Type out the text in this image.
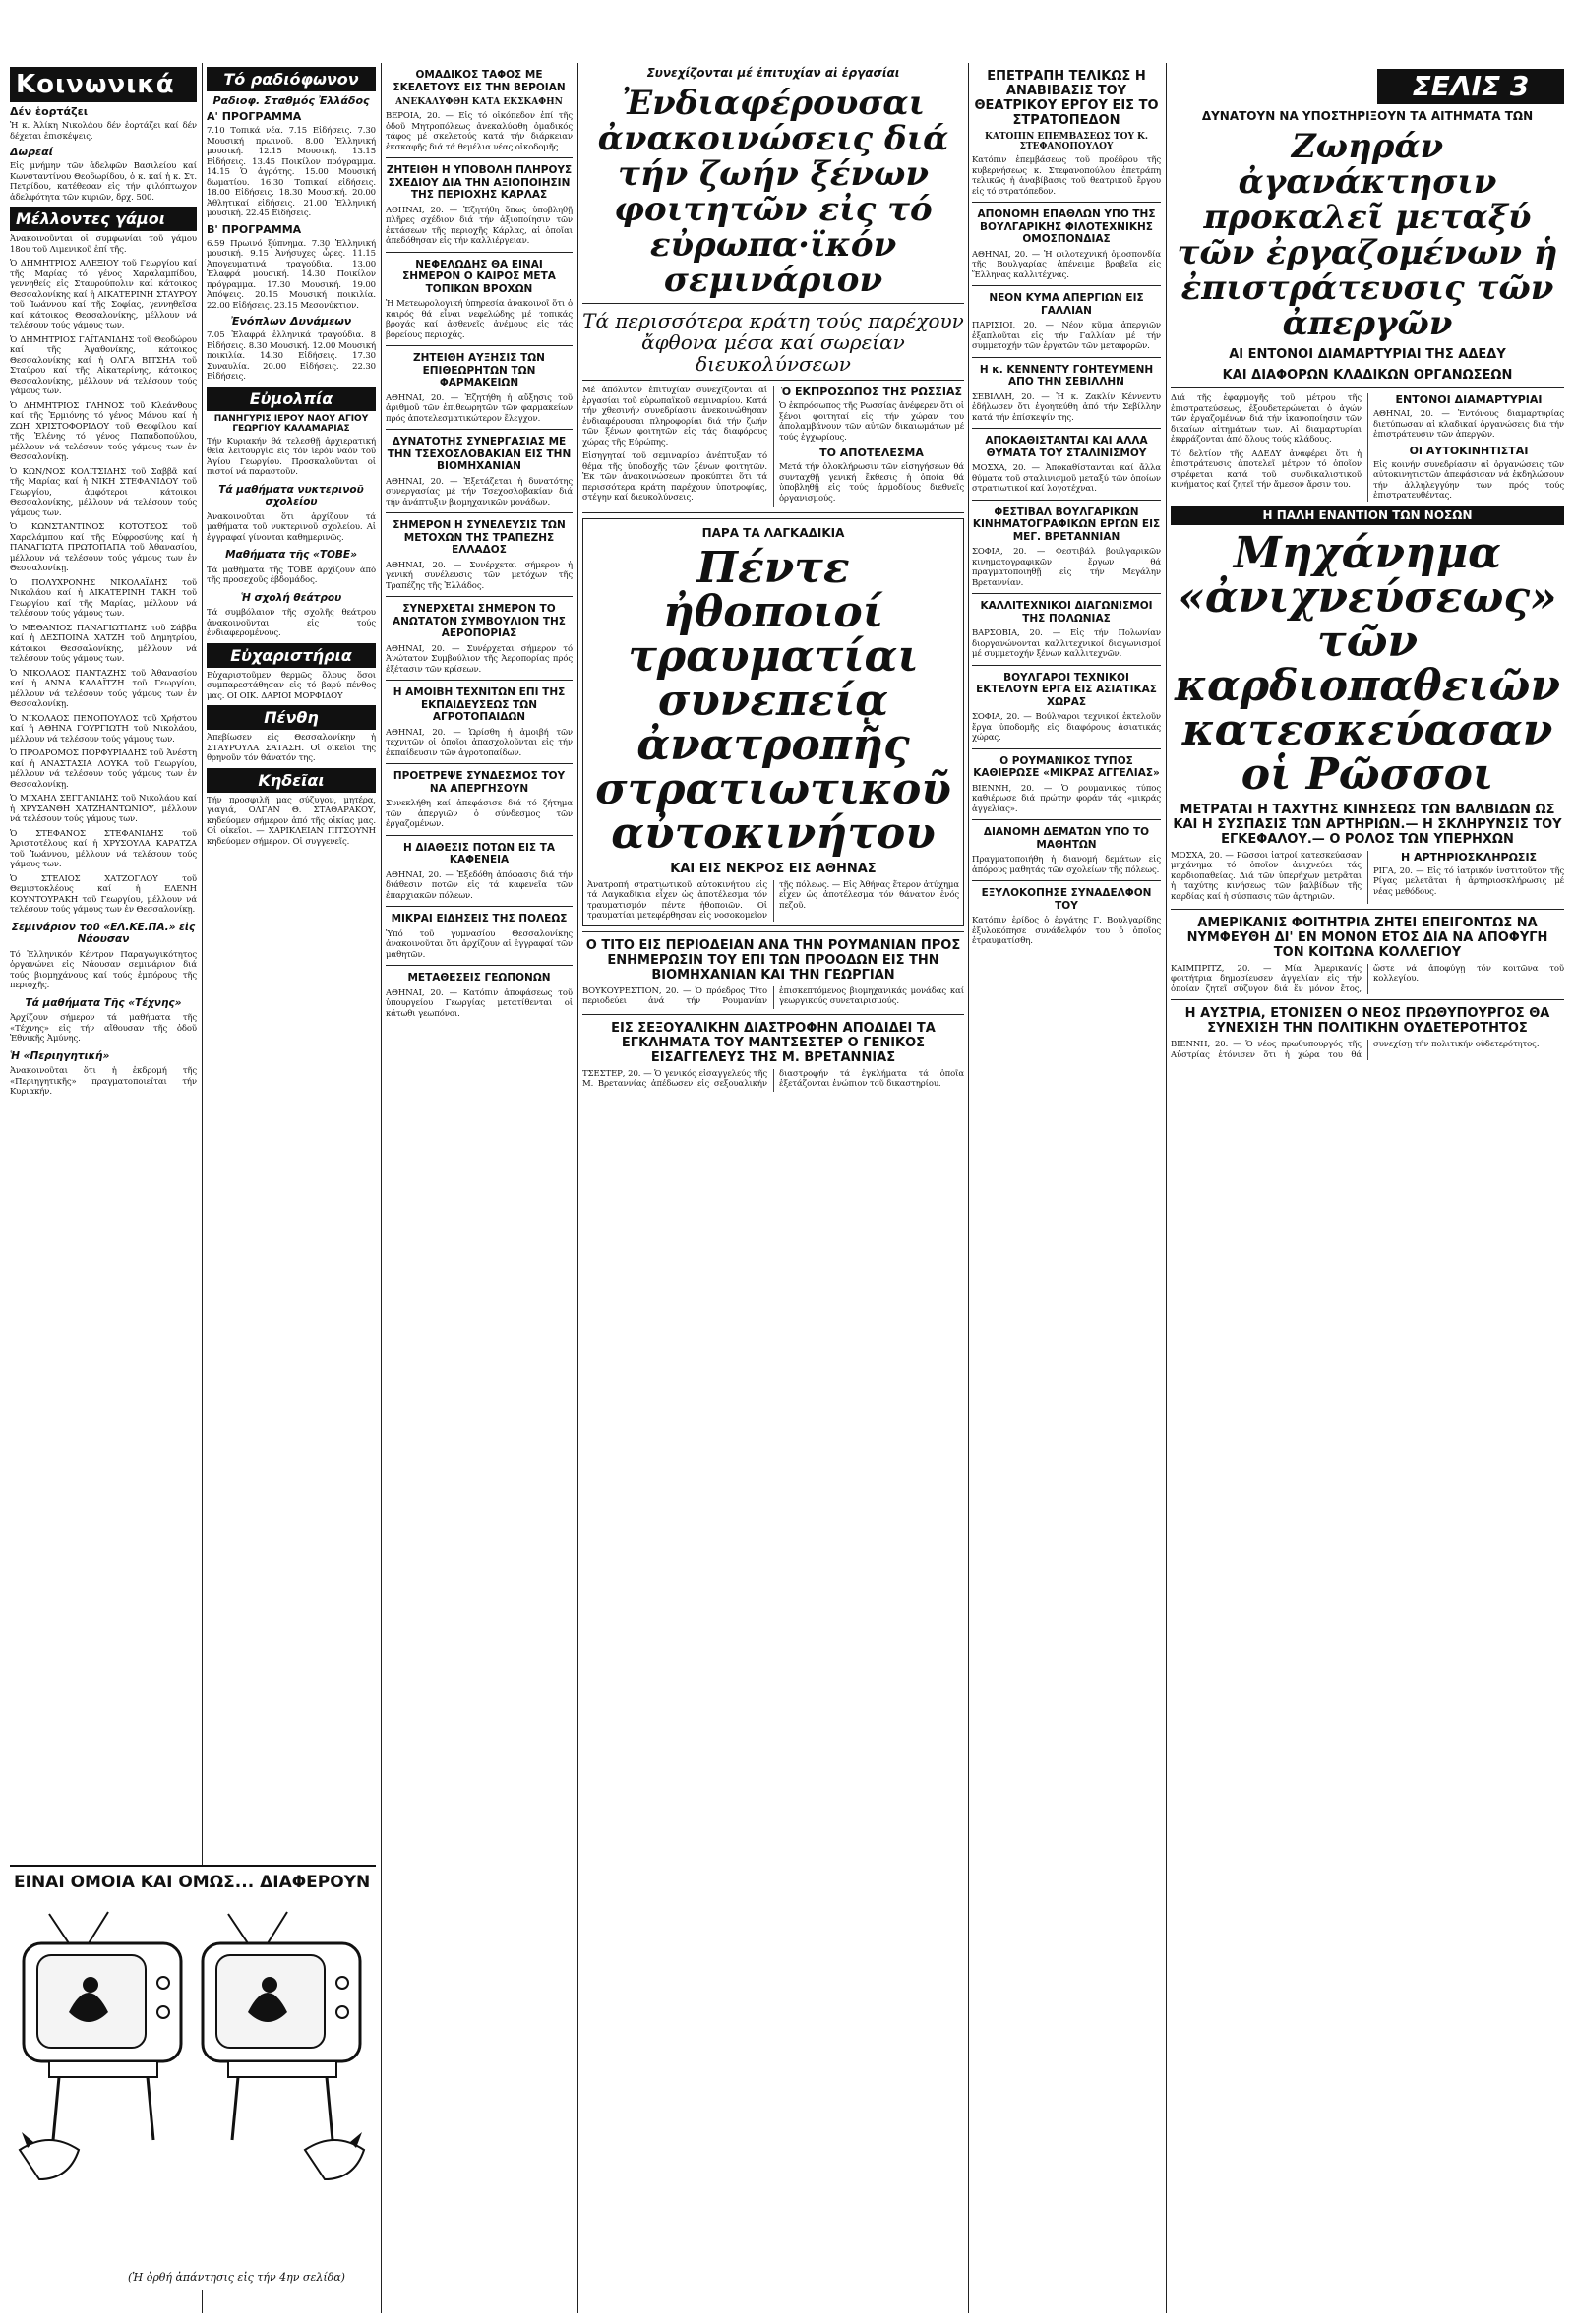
ΣΕΛΙΣ 3
Κοινωνικά
Δέν ἑορτάζει

Ἡ κ. Ἀλίκη Νικολάου δέν ἑορτάζει καί δέν δέχεται ἐπισκέψεις.

Δωρεαί

Εἰς μνήμην τῶν ἀδελφῶν Βασιλείου καί Κωνσταντίνου Θεοδωρίδου, ὁ κ. καί ἡ κ. Στ. Πετρίδου, κατέθεσαν εἰς τήν φιλόπτωχον ἀδελφότητα τῶν κυριῶν, δρχ. 500.

Μέλλοντες γάμοι

Ἀνακοινοῦνται οἱ συμφωνίαι τοῦ γάμου 18ου τοῦ Λιμενικοῦ ἐπί τῆς.

Ὁ ΔΗΜΗΤΡΙΟΣ ΑΛΕΞΙΟΥ τοῦ Γεωργίου καί τῆς Μαρίας τό γένος Χαραλαμπίδου, γεννηθείς εἰς Σταυρούπολιν καί κάτοικος Θεσσαλονίκης καί ἡ ΑΙΚΑΤΕΡΙΝΗ ΣΤΑΥΡΟΥ τοῦ Ἰωάννου καί τῆς Σοφίας, γεννηθεῖσα καί κάτοικος Θεσσαλονίκης, μέλλουν νά τελέσουν τούς γάμους των.

Ὁ ΔΗΜΗΤΡΙΟΣ ΓΑΪΤΑΝΙΔΗΣ τοῦ Θεοδώρου καί τῆς Ἀγαθονίκης, κάτοικος Θεσσαλονίκης καί ἡ ΟΛΓΑ ΒΙΤΣΗΑ τοῦ Σταύρου καί τῆς Αἰκατερίνης, κάτοικος Θεσσαλονίκης, μέλλουν νά τελέσουν τούς γάμους των.

Ὁ ΔΗΜΗΤΡΙΟΣ ΓΛΗΝΟΣ τοῦ Κλεάνθους καί τῆς Ἐρμιόνης τό γένος Μάνου καί ἡ ΖΩΗ ΧΡΙΣΤΟΦΟΡΙΔΟΥ τοῦ Θεοφίλου καί τῆς Ἑλένης τό γένος Παπαδοπούλου, μέλλουν νά τελέσουν τούς γάμους των ἐν Θεσσαλονίκῃ.

Ὁ ΚΩΝ/ΝΟΣ ΚΟΛΙΤΣΙΔΗΣ τοῦ Σαββᾶ καί τῆς Μαρίας καί ἡ ΝΙΚΗ ΣΤΕΦΑΝΙΔΟΥ τοῦ Γεωργίου, ἀμφότεροι κάτοικοι Θεσσαλονίκης, μέλλουν νά τελέσουν τούς γάμους των.

Ὁ ΚΩΝΣΤΑΝΤΙΝΟΣ ΚΟΤΟΤΣΟΣ τοῦ Χαραλάμπου καί τῆς Εὐφροσύνης καί ἡ ΠΑΝΑΓΙΩΤΑ ΠΡΩΤΟΠΑΠΑ τοῦ Ἀθανασίου, μέλλουν νά τελέσουν τούς γάμους των ἐν Θεσσαλονίκῃ.

Ὁ ΠΟΛΥΧΡΟΝΗΣ ΝΙΚΟΛΑΪΔΗΣ τοῦ Νικολάου καί ἡ ΑΙΚΑΤΕΡΙΝΗ ΤΑΚΗ τοῦ Γεωργίου καί τῆς Μαρίας, μέλλουν νά τελέσουν τούς γάμους των.

Ὁ ΜΕΘΑΝΙΟΣ ΠΑΝΑΓΙΩΤΙΔΗΣ τοῦ Σάββα καί ἡ ΔΕΣΠΟΙΝΑ ΧΑΤΖΗ τοῦ Δημητρίου, κάτοικοι Θεσσαλονίκης, μέλλουν νά τελέσουν τούς γάμους των.

Ὁ ΝΙΚΟΛΑΟΣ ΠΑΝΤΑΖΗΣ τοῦ Ἀθανασίου καί ἡ ΑΝΝΑ ΚΑΛΑΪΤΖΗ τοῦ Γεωργίου, μέλλουν νά τελέσουν τούς γάμους των ἐν Θεσσαλονίκῃ.

Ὁ ΝΙΚΟΛΑΟΣ ΠΕΝΟΠΟΥΛΟΣ τοῦ Χρήστου καί ἡ ΑΘΗΝΑ ΓΟΥΡΓΙΩΤΗ τοῦ Νικολάου, μέλλουν νά τελέσουν τούς γάμους των.

Ὁ ΠΡΟΔΡΟΜΟΣ ΠΟΡΦΥΡΙΑΔΗΣ τοῦ Ἀνέστη καί ἡ ΑΝΑΣΤΑΣΙΑ ΛΟΥΚΑ τοῦ Γεωργίου, μέλλουν νά τελέσουν τούς γάμους των ἐν Θεσσαλονίκῃ.

Ὁ ΜΙΧΑΗΛ ΣΕΓΓΑΝΙΔΗΣ τοῦ Νικολάου καί ἡ ΧΡΥΣΑΝΘΗ ΧΑΤΖΗΑΝΤΩΝΙΟΥ, μέλλουν νά τελέσουν τούς γάμους των.

Ὁ ΣΤΕΦΑΝΟΣ ΣΤΕΦΑΝΙΔΗΣ τοῦ Ἀριστοτέλους καί ἡ ΧΡΥΣΟΥΛΑ ΚΑΡΑΤΖΑ τοῦ Ἰωάννου, μέλλουν νά τελέσουν τούς γάμους των.

Ὁ ΣΤΕΛΙΟΣ ΧΑΤΖΟΓΛΟΥ τοῦ Θεμιστοκλέους καί ἡ ΕΛΕΝΗ ΚΟΥΝΤΟΥΡΑΚΗ τοῦ Γεωργίου, μέλλουν νά τελέσουν τούς γάμους των ἐν Θεσσαλονίκῃ.

Σεμινάριον τοῦ «ΕΛ.ΚΕ.ΠΑ.» εἰς Νάουσαν

Τό Ἑλληνικόν Κέντρον Παραγωγικότητος ὀργανώνει εἰς Νάουσαν σεμινάριον διά τούς βιομηχάνους καί τούς ἐμπόρους τῆς περιοχῆς.

Τά μαθήματα Τῆς «Τέχνης»

Ἀρχίζουν σήμερον τά μαθήματα τῆς «Τέχνης» εἰς τήν αἴθουσαν τῆς ὁδοῦ Ἐθνικῆς Ἀμύνης.

Ἡ «Περιηγητική»

Ἀνακοινοῦται ὅτι ἡ ἐκδρομή τῆς «Περιηγητικῆς» πραγματοποιεῖται τήν Κυριακήν.

Τό ραδιόφωνον
Ραδιοφ. Σταθμός Ἐλλάδος
Α' ΠΡΟΓΡΑΜΜΑ

7.10 Τοπικά νέα. 7.15 Εἰδήσεις. 7.30 Μουσική πρωινοῦ. 8.00 Ἑλληνική μουσική. 12.15 Μουσική. 13.15 Εἰδήσεις. 13.45 Ποικίλον πρόγραμμα. 14.15 Ὁ ἀγρότης. 15.00 Μουσική δωματίου. 16.30 Τοπικαί εἰδήσεις. 18.00 Εἰδήσεις. 18.30 Μουσική. 20.00 Ἀθλητικαί εἰδήσεις. 21.00 Ἑλληνική μουσική. 22.45 Εἰδήσεις.

Β' ΠΡΟΓΡΑΜΜΑ

6.59 Πρωινό ξύπνημα. 7.30 Ἑλληνική μουσική. 9.15 Ἀνήσυχες ὧρες. 11.15 Ἀπογευματινά τραγούδια. 13.00 Ἐλαφρά μουσική. 14.30 Ποικίλον πρόγραμμα. 17.30 Μουσική. 19.00 Ἀπόψεις. 20.15 Μουσική ποικιλία. 22.00 Εἰδήσεις. 23.15 Μεσονύκτιον.

Ἐνόπλων Δυνάμεων

7.05 Ἑλαφρά ἑλληνικά τραγούδια. 8 Εἰδήσεις. 8.30 Μουσική. 12.00 Μουσική ποικιλία. 14.30 Εἰδήσεις. 17.30 Συναυλία. 20.00 Εἰδήσεις. 22.30 Εἰδήσεις.

Εὐμολπία
ΠΑΝΗΓΥΡΙΣ ΙΕΡΟΥ ΝΑΟΥ ΑΓΙΟΥ ΓΕΩΡΓΙΟΥ ΚΑΛΑΜΑΡΙΑΣ

Τήν Κυριακήν θά τελεσθῇ ἀρχιερατική θεία λειτουργία εἰς τόν ἱερόν ναόν τοῦ Ἁγίου Γεωργίου. Προσκαλοῦνται οἱ πιστοί νά παραστοῦν.

Τά μαθήματα νυκτερινοῦ σχολείου

Ἀνακοινοῦται ὅτι ἀρχίζουν τά μαθήματα τοῦ νυκτερινοῦ σχολείου. Αἱ ἐγγραφαί γίνονται καθημερινῶς.

Μαθήματα τῆς «ΤΟΒΕ»

Τά μαθήματα τῆς ΤΟΒΕ ἀρχίζουν ἀπό τῆς προσεχοῦς ἑβδομάδος.

Ἡ σχολή θεάτρου

Τά συμβόλαιον τῆς σχολῆς θεάτρου ἀνακοινοῦνται εἰς τούς ἐνδιαφερομένους.

Εὐχαριστήρια

Εὐχαριστοῦμεν θερμῶς ὅλους ὅσοι συμπαρεστάθησαν εἰς τό βαρύ πένθος μας. ΟΙ ΟΙΚ. ΔΑΡΙΟΙ ΜΟΡΦΙΔΟΥ

Πένθη

Ἀπεβίωσεν εἰς Θεσσαλονίκην ἡ ΣΤΑΥΡΟΥΛΑ ΣΑΤΑΣΗ. Οἱ οἰκεῖοι της θρηνοῦν τόν θάνατόν της.

Κηδεῖαι

Τήν προσφιλῆ μας σύζυγον, μητέρα, γιαγιά, ΟΛΓΑΝ Θ. ΣΤΑΘΑΡΑΚΟΥ, κηδεύομεν σήμερον ἀπό τῆς οἰκίας μας. Οἱ οἰκεῖοι. — ΧΑΡΙΚΛΕΙΑΝ ΠΙΤΣΟΥΝΗ κηδεύομεν σήμερον. Οἱ συγγενεῖς.

ΟΜΑΔΙΚΟΣ ΤΑΦΟΣ ΜΕ ΣΚΕΛΕΤΟΥΣ ΕΙΣ ΤΗΝ ΒΕΡΟΙΑΝ
ΑΝΕΚΑΛΥΦΘΗ ΚΑΤΑ ΕΚΣΚΑΦΗΝ

ΒΕΡΟΙΑ, 20. — Εἰς τό οἰκόπεδον ἐπί τῆς ὁδοῦ Μητροπόλεως ἀνεκαλύφθη ὁμαδικός τάφος μέ σκελετούς κατά τήν διάρκειαν ἐκσκαφῆς διά τά θεμέλια νέας οἰκοδομῆς.

ΖΗΤΕΙΘΗ Η ΥΠΟΒΟΛΗ ΠΛΗΡΟΥΣ ΣΧΕΔΙΟΥ ΔΙΑ ΤΗΝ ΑΞΙΟΠΟΙΗΣΙΝ ΤΗΣ ΠΕΡΙΟΧΗΣ ΚΑΡΛΑΣ

ΑΘΗΝΑΙ, 20. — Ἐζητήθη ὅπως ὑποβληθῇ πλῆρες σχέδιον διά τήν ἀξιοποίησιν τῶν ἐκτάσεων τῆς περιοχῆς Κάρλας, αἱ ὁποῖαι ἀπεδόθησαν εἰς τήν καλλιέργειαν.

ΝΕΦΕΛΩΔΗΣ ΘΑ ΕΙΝΑΙ ΣΗΜΕΡΟΝ Ο ΚΑΙΡΟΣ ΜΕΤΑ ΤΟΠΙΚΩΝ ΒΡΟΧΩΝ

Ἡ Μετεωρολογική ὑπηρεσία ἀνακοινοῖ ὅτι ὁ καιρός θά εἶναι νεφελώδης μέ τοπικάς βροχάς καί ἀσθενεῖς ἀνέμους εἰς τάς βορείους περιοχάς.

ΖΗΤΕΙΘΗ ΑΥΞΗΣΙΣ ΤΩΝ ΕΠΙΘΕΩΡΗΤΩΝ ΤΩΝ ΦΑΡΜΑΚΕΙΩΝ

ΑΘΗΝΑΙ, 20. — Ἐζητήθη ἡ αὔξησις τοῦ ἀριθμοῦ τῶν ἐπιθεωρητῶν τῶν φαρμακείων πρός ἀποτελεσματικώτερον ἔλεγχον.

ΔΥΝΑΤΟΤΗΣ ΣΥΝΕΡΓΑΣΙΑΣ ΜΕ ΤΗΝ ΤΣΕΧΟΣΛΟΒΑΚΙΑΝ ΕΙΣ ΤΗΝ ΒΙΟΜΗΧΑΝΙΑΝ

ΑΘΗΝΑΙ, 20. — Ἐξετάζεται ἡ δυνατότης συνεργασίας μέ τήν Τσεχοσλοβακίαν διά τήν ἀνάπτυξιν βιομηχανικῶν μονάδων.

ΣΗΜΕΡΟΝ Η ΣΥΝΕΛΕΥΣΙΣ ΤΩΝ ΜΕΤΟΧΩΝ ΤΗΣ ΤΡΑΠΕΖΗΣ ΕΛΛΑΔΟΣ

ΑΘΗΝΑΙ, 20. — Συνέρχεται σήμερον ἡ γενική συνέλευσις τῶν μετόχων τῆς Τραπέζης τῆς Ἑλλάδος.

ΣΥΝΕΡΧΕΤΑΙ ΣΗΜΕΡΟΝ ΤΟ ΑΝΩΤΑΤΟΝ ΣΥΜΒΟΥΛΙΟΝ ΤΗΣ ΑΕΡΟΠΟΡΙΑΣ

ΑΘΗΝΑΙ, 20. — Συνέρχεται σήμερον τό Ἀνώτατον Συμβούλιον τῆς Ἀεροπορίας πρός ἐξέτασιν τῶν κρίσεων.

Η ΑΜΟΙΒΗ ΤΕΧΝΙΤΩΝ ΕΠΙ ΤΗΣ ΕΚΠΑΙΔΕΥΣΕΩΣ ΤΩΝ ΑΓΡΟΤΟΠΑΙΔΩΝ

ΑΘΗΝΑΙ, 20. — Ὡρίσθη ἡ ἀμοιβή τῶν τεχνιτῶν οἱ ὁποῖοι ἀπασχολοῦνται εἰς τήν ἐκπαίδευσιν τῶν ἀγροτοπαίδων.

ΠΡΟΕΤΡΕΨΕ ΣΥΝΔΕΣΜΟΣ ΤΟΥ ΝΑ ΑΠΕΡΓΗΣΟΥΝ

Συνεκλήθη καί ἀπεφάσισε διά τό ζήτημα τῶν ἀπεργιῶν ὁ σύνδεσμος τῶν ἐργαζομένων.

Η ΔΙΑΘΕΣΙΣ ΠΟΤΩΝ ΕΙΣ ΤΑ ΚΑΦΕΝΕΙΑ

ΑΘΗΝΑΙ, 20. — Ἐξεδόθη ἀπόφασις διά τήν διάθεσιν ποτῶν εἰς τά καφενεῖα τῶν ἐπαρχιακῶν πόλεων.

ΜΙΚΡΑΙ ΕΙΔΗΣΕΙΣ ΤΗΣ ΠΟΛΕΩΣ

Ὑπό τοῦ γυμνασίου Θεσσαλονίκης ἀνακοινοῦται ὅτι ἀρχίζουν αἱ ἐγγραφαί τῶν μαθητῶν.

ΜΕΤΑΘΕΣΕΙΣ ΓΕΩΠΟΝΩΝ

ΑΘΗΝΑΙ, 20. — Κατόπιν ἀποφάσεως τοῦ ὑπουργείου Γεωργίας μετατίθενται οἱ κάτωθι γεωπόνοι.

Συνεχίζονται μέ ἐπιτυχίαν αἱ ἐργασίαι
Ἐνδιαφέρουσαι ἀνακοινώσεις διά τήν ζωήν ξένων φοιτητῶν εἰς τό εὐρωπα·ϊκόν σεμινάριον
Τά περισσότερα κράτη τούς παρέχουν ἄφθονα μέσα καί σωρείαν διευκολύνσεων

Μέ ἀπόλυτον ἐπιτυχίαν συνεχίζονται αἱ ἐργασίαι τοῦ εὐρωπαϊκοῦ σεμιναρίου. Κατά τήν χθεσινήν συνεδρίασιν ἀνεκοινώθησαν ἐνδιαφέρουσαι πληροφορίαι διά τήν ζωήν τῶν ξένων φοιτητῶν εἰς τάς διαφόρους χώρας τῆς Εὐρώπης.

Εἰσηγηταί τοῦ σεμιναρίου ἀνέπτυξαν τό θέμα τῆς ὑποδοχῆς τῶν ξένων φοιτητῶν. Ἐκ τῶν ἀνακοινώσεων προκύπτει ὅτι τά περισσότερα κράτη παρέχουν ὑποτροφίας, στέγην καί διευκολύνσεις.

Ὁ ΕΚΠΡΟΣΩΠΟΣ ΤΗΣ ΡΩΣΣΙΑΣ

Ὁ ἐκπρόσωπος τῆς Ρωσσίας ἀνέφερεν ὅτι οἱ ξένοι φοιτηταί εἰς τήν χώραν του ἀπολαμβάνουν τῶν αὐτῶν δικαιωμάτων μέ τούς ἐγχωρίους.

ΤΟ ΑΠΟΤΕΛΕΣΜΑ

Μετά τήν ὁλοκλήρωσιν τῶν εἰσηγήσεων θά συνταχθῇ γενική ἔκθεσις ἡ ὁποία θά ὑποβληθῇ εἰς τούς ἁρμοδίους διεθνεῖς ὀργανισμούς.

ΠΑΡΑ ΤΑ ΛΑΓΚΑΔΙΚΙΑ
Πέντε ἠθοποιοί τραυματίαι συνεπείᾳ ἀνατροπῆς στρατιωτικοῦ αὐτοκινήτου
ΚΑΙ ΕΙΣ ΝΕΚΡΟΣ ΕΙΣ ΑΘΗΝΑΣ

Ἀνατροπή στρατιωτικοῦ αὐτοκινήτου εἰς τά Λαγκαδίκια εἶχεν ὡς ἀποτέλεσμα τόν τραυματισμόν πέντε ἠθοποιῶν. Οἱ τραυματίαι μετεφέρθησαν εἰς νοσοκομεῖον τῆς πόλεως. — Εἰς Ἀθήνας ἕτερον ἀτύχημα εἶχεν ὡς ἀποτέλεσμα τόν θάνατον ἑνός πεζοῦ.

Ο ΤΙΤΟ ΕΙΣ ΠΕΡΙΟΔΕΙΑΝ ΑΝΑ ΤΗΝ ΡΟΥΜΑΝΙΑΝ ΠΡΟΣ ΕΝΗΜΕΡΩΣΙΝ ΤΟΥ ΕΠΙ ΤΩΝ ΠΡΟΟΔΩΝ ΕΙΣ ΤΗΝ ΒΙΟΜΗΧΑΝΙΑΝ ΚΑΙ ΤΗΝ ΓΕΩΡΓΙΑΝ

ΒΟΥΚΟΥΡΕΣΤΙΟΝ, 20. — Ὁ πρόεδρος Τίτο περιοδεύει ἀνά τήν Ρουμανίαν ἐπισκεπτόμενος βιομηχανικάς μονάδας καί γεωργικούς συνεταιρισμούς.

ΕΙΣ ΣΕΞΟΥΑΛΙΚΗΝ ΔΙΑΣΤΡΟΦΗΝ ΑΠΟΔΙΔΕΙ ΤΑ ΕΓΚΛΗΜΑΤΑ ΤΟΥ ΜΑΝΤΣΕΣΤΕΡ Ο ΓΕΝΙΚΟΣ ΕΙΣΑΓΓΕΛΕΥΣ ΤΗΣ Μ. ΒΡΕΤΑΝΝΙΑΣ

ΤΣΕΣΤΕΡ, 20. — Ὁ γενικός εἰσαγγελεύς τῆς Μ. Βρεταννίας ἀπέδωσεν εἰς σεξουαλικήν διαστροφήν τά ἐγκλήματα τά ὁποῖα ἐξετάζονται ἐνώπιον τοῦ δικαστηρίου.

ΕΠΕΤΡΑΠΗ ΤΕΛΙΚΩΣ Η ΑΝΑΒΙΒΑΣΙΣ ΤΟΥ ΘΕΑΤΡΙΚΟΥ ΕΡΓΟΥ ΕΙΣ ΤΟ ΣΤΡΑΤΟΠΕΔΟΝ
ΚΑΤΟΠΙΝ ΕΠΕΜΒΑΣΕΩΣ ΤΟΥ Κ. ΣΤΕΦΑΝΟΠΟΥΛΟΥ

Κατόπιν ἐπεμβάσεως τοῦ προέδρου τῆς κυβερνήσεως κ. Στεφανοπούλου ἐπετράπη τελικῶς ἡ ἀναβίβασις τοῦ θεατρικοῦ ἔργου εἰς τό στρατόπεδον.

ΑΠΟΝΟΜΗ ΕΠΑΘΛΩΝ ΥΠΟ ΤΗΣ ΒΟΥΛΓΑΡΙΚΗΣ ΦΙΛΟΤΕΧΝΙΚΗΣ ΟΜΟΣΠΟΝΔΙΑΣ

ΑΘΗΝΑΙ, 20. — Ἡ φιλοτεχνική ὁμοσπονδία τῆς Βουλγαρίας ἀπένειμε βραβεῖα εἰς Ἕλληνας καλλιτέχνας.

ΝΕΟΝ ΚΥΜΑ ΑΠΕΡΓΙΩΝ ΕΙΣ ΓΑΛΛΙΑΝ

ΠΑΡΙΣΙΟΙ, 20. — Νέον κῦμα ἀπεργιῶν ἐξαπλοῦται εἰς τήν Γαλλίαν μέ τήν συμμετοχήν τῶν ἐργατῶν τῶν μεταφορῶν.

Η κ. ΚΕΝΝΕΝΤΥ ΓΟΗΤΕΥΜΕΝΗ ΑΠΟ ΤΗΝ ΣΕΒΙΛΛΗΝ

ΣΕΒΙΛΛΗ, 20. — Ἡ κ. Ζακλίν Κέννεντυ ἐδήλωσεν ὅτι ἐγοητεύθη ἀπό τήν Σεβίλλην κατά τήν ἐπίσκεψίν της.

ΑΠΟΚΑΘΙΣΤΑΝΤΑΙ ΚΑΙ ΑΛΛΑ ΘΥΜΑΤΑ ΤΟΥ ΣΤΑΛΙΝΙΣΜΟΥ

ΜΟΣΧΑ, 20. — Ἀποκαθίστανται καί ἄλλα θύματα τοῦ σταλινισμοῦ μεταξύ τῶν ὁποίων στρατιωτικοί καί λογοτέχναι.

ΦΕΣΤΙΒΑΛ ΒΟΥΛΓΑΡΙΚΩΝ ΚΙΝΗΜΑΤΟΓΡΑΦΙΚΩΝ ΕΡΓΩΝ ΕΙΣ ΜΕΓ. ΒΡΕΤΑΝΝΙΑΝ

ΣΟΦΙΑ, 20. — Φεστιβάλ βουλγαρικῶν κινηματογραφικῶν ἔργων θά πραγματοποιηθῇ εἰς τήν Μεγάλην Βρεταννίαν.

ΚΑΛΛΙΤΕΧΝΙΚΟΙ ΔΙΑΓΩΝΙΣΜΟΙ ΤΗΣ ΠΟΛΩΝΙΑΣ

ΒΑΡΣΟΒΙΑ, 20. — Εἰς τήν Πολωνίαν διοργανώνονται καλλιτεχνικοί διαγωνισμοί μέ συμμετοχήν ξένων καλλιτεχνῶν.

ΒΟΥΛΓΑΡΟΙ ΤΕΧΝΙΚΟΙ ΕΚΤΕΛΟΥΝ ΕΡΓΑ ΕΙΣ ΑΣΙΑΤΙΚΑΣ ΧΩΡΑΣ

ΣΟΦΙΑ, 20. — Βούλγαροι τεχνικοί ἐκτελοῦν ἔργα ὑποδομῆς εἰς διαφόρους ἀσιατικάς χώρας.

Ο ΡΟΥΜΑΝΙΚΟΣ ΤΥΠΟΣ ΚΑΘΙΕΡΩΣΕ «ΜΙΚΡΑΣ ΑΓΓΕΛΙΑΣ»

ΒΙΕΝΝΗ, 20. — Ὁ ρουμανικός τύπος καθιέρωσε διά πρώτην φοράν τάς «μικράς ἀγγελίας».

ΔΙΑΝΟΜΗ ΔΕΜΑΤΩΝ ΥΠΟ ΤΟ ΜΑΘΗΤΩΝ

Πραγματοποιήθη ἡ διανομή δεμάτων εἰς ἀπόρους μαθητάς τῶν σχολείων τῆς πόλεως.

ΕΞΥΛΟΚΟΠΗΣΕ ΣΥΝΑΔΕΛΦΟΝ ΤΟΥ

Κατόπιν ἐρίδος ὁ ἐργάτης Γ. Βουλγαρίδης ἐξυλοκόπησε συνάδελφόν του ὁ ὁποῖος ἐτραυματίσθη.

ΔΥΝΑΤΟΥΝ ΝΑ ΥΠΟΣΤΗΡΙΞΟΥΝ ΤΑ ΑΙΤΗΜΑΤΑ ΤΩΝ
Ζωηράν ἀγανάκτησιν προκαλεῖ μεταξύ τῶν ἐργαζομένων ἡ ἐπιστράτευσις τῶν ἀπεργῶν
ΑΙ ΕΝΤΟΝΟΙ ΔΙΑΜΑΡΤΥΡΙΑΙ ΤΗΣ ΑΔΕΔΥ
ΚΑΙ ΔΙΑΦΟΡΩΝ ΚΛΑΔΙΚΩΝ ΟΡΓΑΝΩΣΕΩΝ

Διά τῆς ἐφαρμογῆς τοῦ μέτρου τῆς ἐπιστρατεύσεως, ἐξουδετερώνεται ὁ ἀγών τῶν ἐργαζομένων διά τήν ἱκανοποίησιν τῶν δικαίων αἰτημάτων των. Αἱ διαμαρτυρίαι ἐκφράζονται ἀπό ὅλους τούς κλάδους.

Τό δελτίον τῆς ΑΔΕΔΥ ἀναφέρει ὅτι ἡ ἐπιστράτευσις ἀποτελεῖ μέτρον τό ὁποῖον στρέφεται κατά τοῦ συνδικαλιστικοῦ κινήματος καί ζητεῖ τήν ἄμεσον ἄρσιν του.

ΕΝΤΟΝΟΙ ΔΙΑΜΑΡΤΥΡΙΑΙ

ΑΘΗΝΑΙ, 20. — Ἐντόνους διαμαρτυρίας διετύπωσαν αἱ κλαδικαί ὀργανώσεις διά τήν ἐπιστράτευσιν τῶν ἀπεργῶν.

ΟΙ ΑΥΤΟΚΙΝΗΤΙΣΤΑΙ

Εἰς κοινήν συνεδρίασιν αἱ ὀργανώσεις τῶν αὐτοκινητιστῶν ἀπεφάσισαν νά ἐκδηλώσουν τήν ἀλληλεγγύην των πρός τούς ἐπιστρατευθέντας.

Η ΠΑΛΗ ΕΝΑΝΤΙΟΝ ΤΩΝ ΝΟΣΩΝ
Μηχάνημα «ἀνιχνεύσεως» τῶν καρδιοπαθειῶν κατεσκεύασαν οἱ Ρῶσσοι
ΜΕΤΡΑΤΑΙ Η ΤΑΧΥΤΗΣ ΚΙΝΗΣΕΩΣ ΤΩΝ ΒΑΛΒΙΔΩΝ ΩΣ ΚΑΙ Η ΣΥΣΠΑΣΙΣ ΤΩΝ ΑΡΤΗΡΙΩΝ.— Η ΣΚΛΗΡΥΝΣΙΣ ΤΟΥ ΕΓΚΕΦΑΛΟΥ.— Ο ΡΟΛΟΣ ΤΩΝ ΥΠΕΡΗΧΩΝ

ΜΟΣΧΑ, 20. — Ρῶσσοι ἰατροί κατεσκεύασαν μηχάνημα τό ὁποῖον ἀνιχνεύει τάς καρδιοπαθείας. Διά τῶν ὑπερήχων μετρᾶται ἡ ταχύτης κινήσεως τῶν βαλβίδων τῆς καρδίας καί ἡ σύσπασις τῶν ἀρτηριῶν.

Η ΑΡΤΗΡΙΟΣΚΛΗΡΩΣΙΣ

ΡΙΓΑ, 20. — Εἰς τό ἰατρικόν ἰνστιτοῦτον τῆς Ρίγας μελετᾶται ἡ ἀρτηριοσκλήρωσις μέ νέας μεθόδους.

ΑΜΕΡΙΚΑΝΙΣ ΦΟΙΤΗΤΡΙΑ ΖΗΤΕΙ ΕΠΕΙΓΟΝΤΩΣ ΝΑ ΝΥΜΦΕΥΘΗ ΔΙ' ΕΝ ΜΟΝΟΝ ΕΤΟΣ ΔΙΑ ΝΑ ΑΠΟΦΥΓΗ ΤΟΝ ΚΟΙΤΩΝΑ ΚΟΛΛΕΓΙΟΥ

ΚΑΙΜΠΡΙΤΖ, 20. — Μία Ἀμερικανίς φοιτήτρια δημοσίευσεν ἀγγελίαν εἰς τήν ὁποίαν ζητεῖ σύζυγον διά ἕν μόνον ἔτος, ὥστε νά ἀποφύγῃ τόν κοιτῶνα τοῦ κολλεγίου.

Η ΑΥΣΤΡΙΑ, ΕΤΟΝΙΣΕΝ Ο ΝΕΟΣ ΠΡΩΘΥΠΟΥΡΓΟΣ ΘΑ ΣΥΝΕΧΙΣΗ ΤΗΝ ΠΟΛΙΤΙΚΗΝ ΟΥΔΕΤΕΡΟΤΗΤΟΣ

ΒΙΕΝΝΗ, 20. — Ὁ νέος πρωθυπουργός τῆς Αὐστρίας ἐτόνισεν ὅτι ἡ χώρα του θά συνεχίσῃ τήν πολιτικήν οὐδετερότητος.

ΕΙΝΑΙ ΟΜΟΙΑ ΚΑΙ ΟΜΩΣ... ΔΙΑΦΕΡΟΥΝ
(Ἡ ὀρθή ἀπάντησις εἰς τήν 4ην σελίδα)
